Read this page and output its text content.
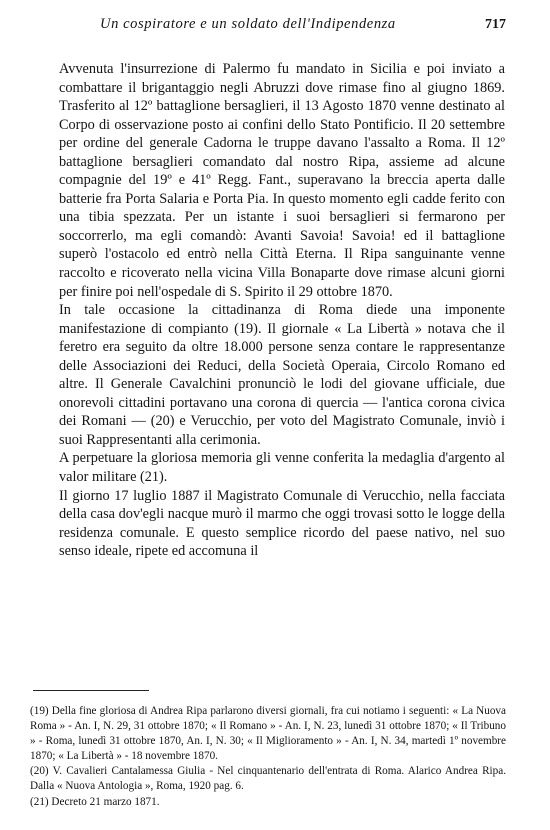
Un cospiratore e un soldato dell'Indipendenza	717

Avvenuta l'insurrezione di Palermo fu mandato in Sicilia e poi inviato a combattare il brigantaggio negli Abruzzi dove rimase fino al giugno 1869. Trasferito al 12º battaglione bersaglieri, il 13 Agosto 1870 venne destinato al Corpo di osservazione posto ai confini dello Stato Pontificio. Il 20 settembre per ordine del generale Cadorna le truppe davano l'assalto a Roma. Il 12º battaglione bersaglieri comandato dal nostro Ripa, assieme ad alcune compagnie del 19º e 41º Regg. Fant., superavano la breccia aperta dalle batterie fra Porta Salaria e Porta Pia. In questo momento egli cadde ferito con una tibia spezzata. Per un istante i suoi bersaglieri si fermarono per soccorrerlo, ma egli comandò: Avanti Savoia! Savoia! ed il battaglione superò l'ostacolo ed entrò nella Città Eterna. Il Ripa sanguinante venne raccolto e ricoverato nella vicina Villa Bonaparte dove rimase alcuni giorni per finire poi nell'ospedale di S. Spirito il 29 ottobre 1870.

In tale occasione la cittadinanza di Roma diede una imponente manifestazione di compianto (19). Il giornale « La Libertà » notava che il feretro era seguito da oltre 18.000 persone senza contare le rappresentanze delle Associazioni dei Reduci, della Società Operaia, Circolo Romano ed altre. Il Generale Cavalchini pronunciò le lodi del giovane ufficiale, due onorevoli cittadini portavano una corona di quercia — l'antica corona civica dei Romani — (20) e Verucchio, per voto del Magistrato Comunale, inviò i suoi Rappresentanti alla cerimonia.

A perpetuare la gloriosa memoria gli venne conferita la medaglia d'argento al valor militare (21).

Il giorno 17 luglio 1887 il Magistrato Comunale di Verucchio, nella facciata della casa dov'egli nacque murò il marmo che oggi trovasi sotto le logge della residenza comunale. E questo semplice ricordo del paese nativo, nel suo senso ideale, ripete ed accomuna il

(19) Della fine gloriosa di Andrea Ripa parlarono diversi giornali, fra cui notiamo i seguenti: « La Nuova Roma » - An. I, N. 29, 31 ottobre 1870; « Il Romano » - An. I, N. 23, lunedì 31 ottobre 1870; « Il Tribuno » - Roma, lunedì 31 ottobre 1870, An. I, N. 30; « Il Miglioramento » - An. I, N. 34, martedì 1º novembre 1870; « La Libertà » - 18 novembre 1870.

(20) V. Cavalieri Cantalamessa Giulia - Nel cinquantenario dell'entrata di Roma. Alarico Andrea Ripa. Dalla « Nuova Antologia », Roma, 1920 pag. 6.

(21) Decreto 21 marzo 1871.
